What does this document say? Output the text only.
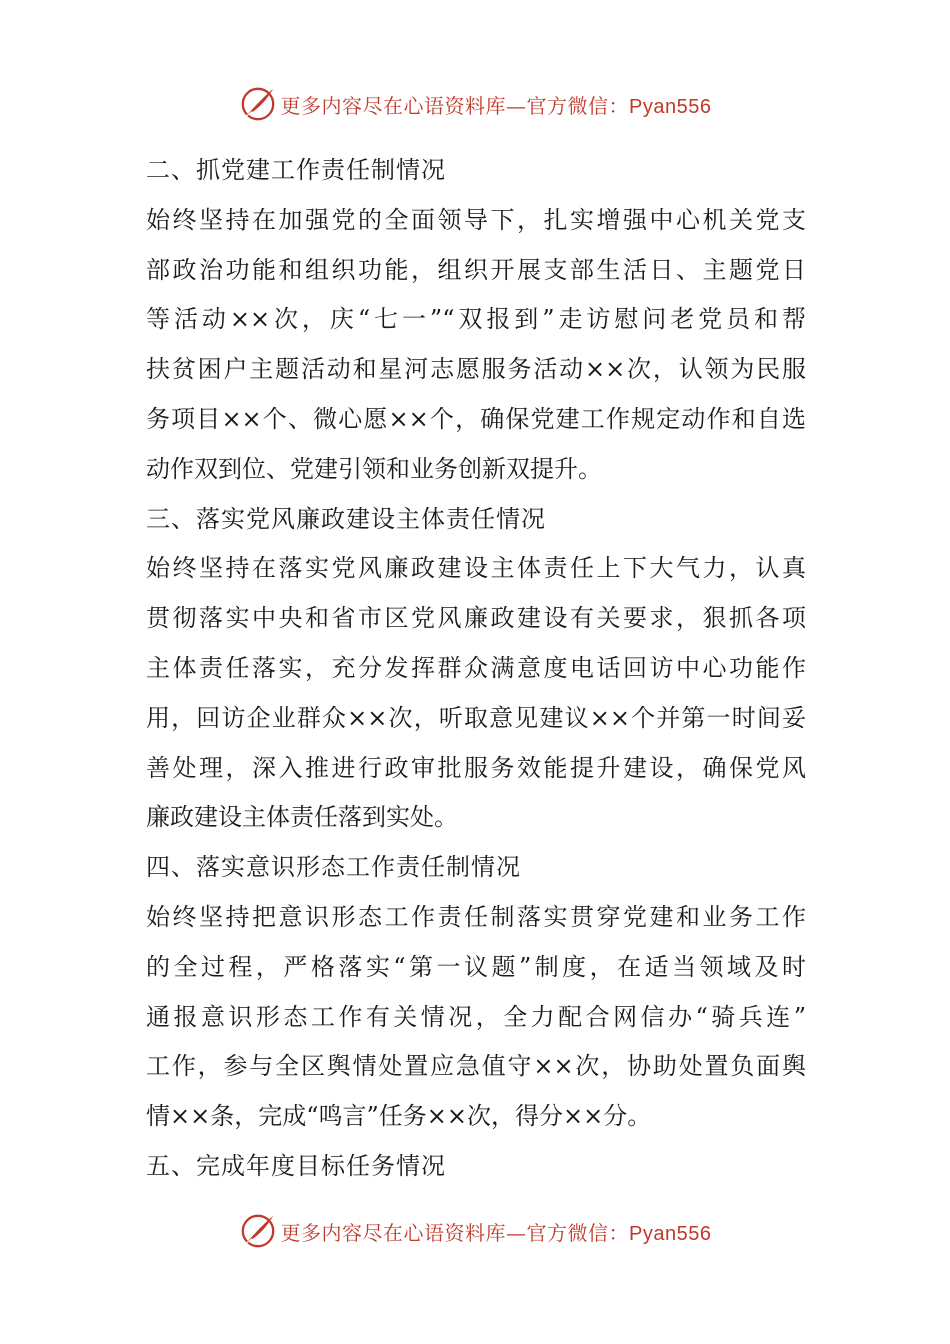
更多内容尽在心语资料库—官方微信：Pyan556
二、抓党建工作责任制情况
始终坚持在加强党的全面领导下，扎实增强中心机关党支
部政治功能和组织功能，组织开展支部生活日、主题党日
等活动××次，庆“七一”“双报到”走访慰问老党员和帮
扶贫困户主题活动和星河志愿服务活动××次，认领为民服
务项目××个、微心愿××个，确保党建工作规定动作和自选
动作双到位、党建引领和业务创新双提升。
三、落实党风廉政建设主体责任情况
始终坚持在落实党风廉政建设主体责任上下大气力，认真
贯彻落实中央和省市区党风廉政建设有关要求，狠抓各项
主体责任落实，充分发挥群众满意度电话回访中心功能作
用，回访企业群众××次，听取意见建议××个并第一时间妥
善处理，深入推进行政审批服务效能提升建设，确保党风
廉政建设主体责任落到实处。
四、落实意识形态工作责任制情况
始终坚持把意识形态工作责任制落实贯穿党建和业务工作
的全过程，严格落实“第一议题”制度，在适当领域及时
通报意识形态工作有关情况，全力配合网信办“骑兵连”
工作，参与全区舆情处置应急值守××次，协助处置负面舆
情××条，完成“鸣言”任务××次，得分××分。
五、完成年度目标任务情况
更多内容尽在心语资料库—官方微信：Pyan556
